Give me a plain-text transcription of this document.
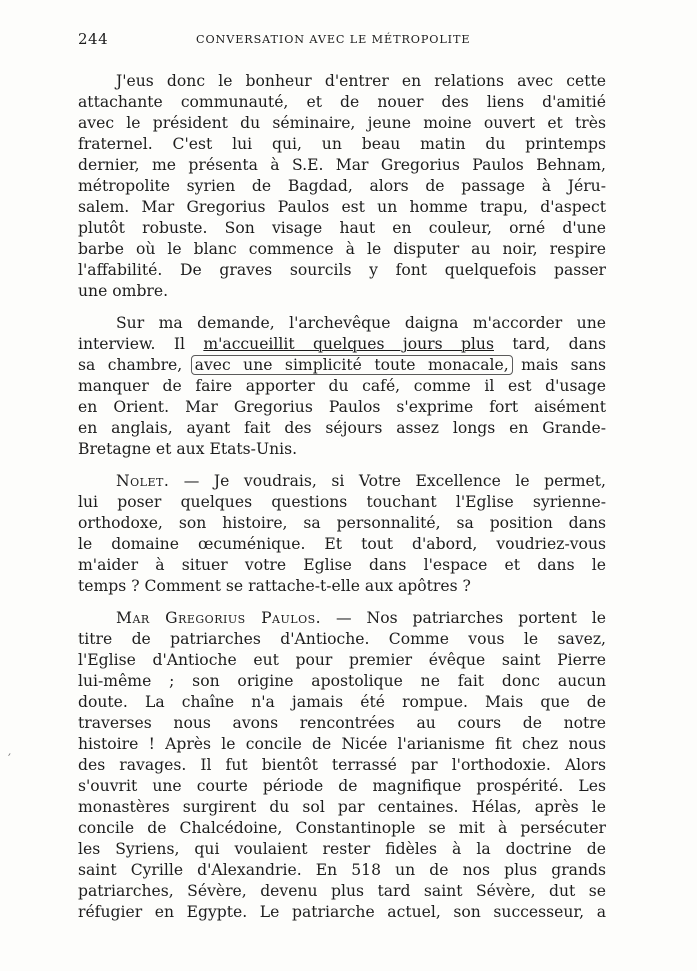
244	CONVERSATION AVEC LE MÉTROPOLITE
J'eus donc le bonheur d'entrer en relations avec cette
attachante communauté, et de nouer des liens d'amitié
avec le président du séminaire, jeune moine ouvert et très
fraternel. C'est lui qui, un beau matin du printemps
dernier, me présenta à S.E. Mar Gregorius Paulos Behnam,
métropolite syrien de Bagdad, alors de passage à Jéru-
salem. Mar Gregorius Paulos est un homme trapu, d'aspect
plutôt robuste. Son visage haut en couleur, orné d'une
barbe où le blanc commence à le disputer au noir, respire
l'affabilité. De graves sourcils y font quelquefois passer
une ombre.
Sur ma demande, l'archevêque daigna m'accorder une
interview. Il m'accueillit quelques jours plus tard, dans
sa chambre, avec une simplicité toute monacale, mais sans
manquer de faire apporter du café, comme il est d'usage
en Orient. Mar Gregorius Paulos s'exprime fort aisément
en anglais, ayant fait des séjours assez longs en Grande-
Bretagne et aux Etats-Unis.
Nolet. — Je voudrais, si Votre Excellence le permet,
lui poser quelques questions touchant l'Eglise syrienne-
orthodoxe, son histoire, sa personnalité, sa position dans
le domaine œcuménique. Et tout d'abord, voudriez-vous
m'aider à situer votre Eglise dans l'espace et dans le
temps ? Comment se rattache-t-elle aux apôtres ?
Mar Gregorius Paulos. — Nos patriarches portent le
titre de patriarches d'Antioche. Comme vous le savez,
l'Eglise d'Antioche eut pour premier évêque saint Pierre
lui-même ; son origine apostolique ne fait donc aucun
doute. La chaîne n'a jamais été rompue. Mais que de
traverses nous avons rencontrées au cours de notre
histoire ! Après le concile de Nicée l'arianisme fit chez nous
des ravages. Il fut bientôt terrassé par l'orthodoxie. Alors
s'ouvrit une courte période de magnifique prospérité. Les
monastères surgirent du sol par centaines. Hélas, après le
concile de Chalcédoine, Constantinople se mit à persécuter
les Syriens, qui voulaient rester fidèles à la doctrine de
saint Cyrille d'Alexandrie. En 518 un de nos plus grands
patriarches, Sévère, devenu plus tard saint Sévère, dut se
réfugier en Egypte. Le patriarche actuel, son successeur, a
′
